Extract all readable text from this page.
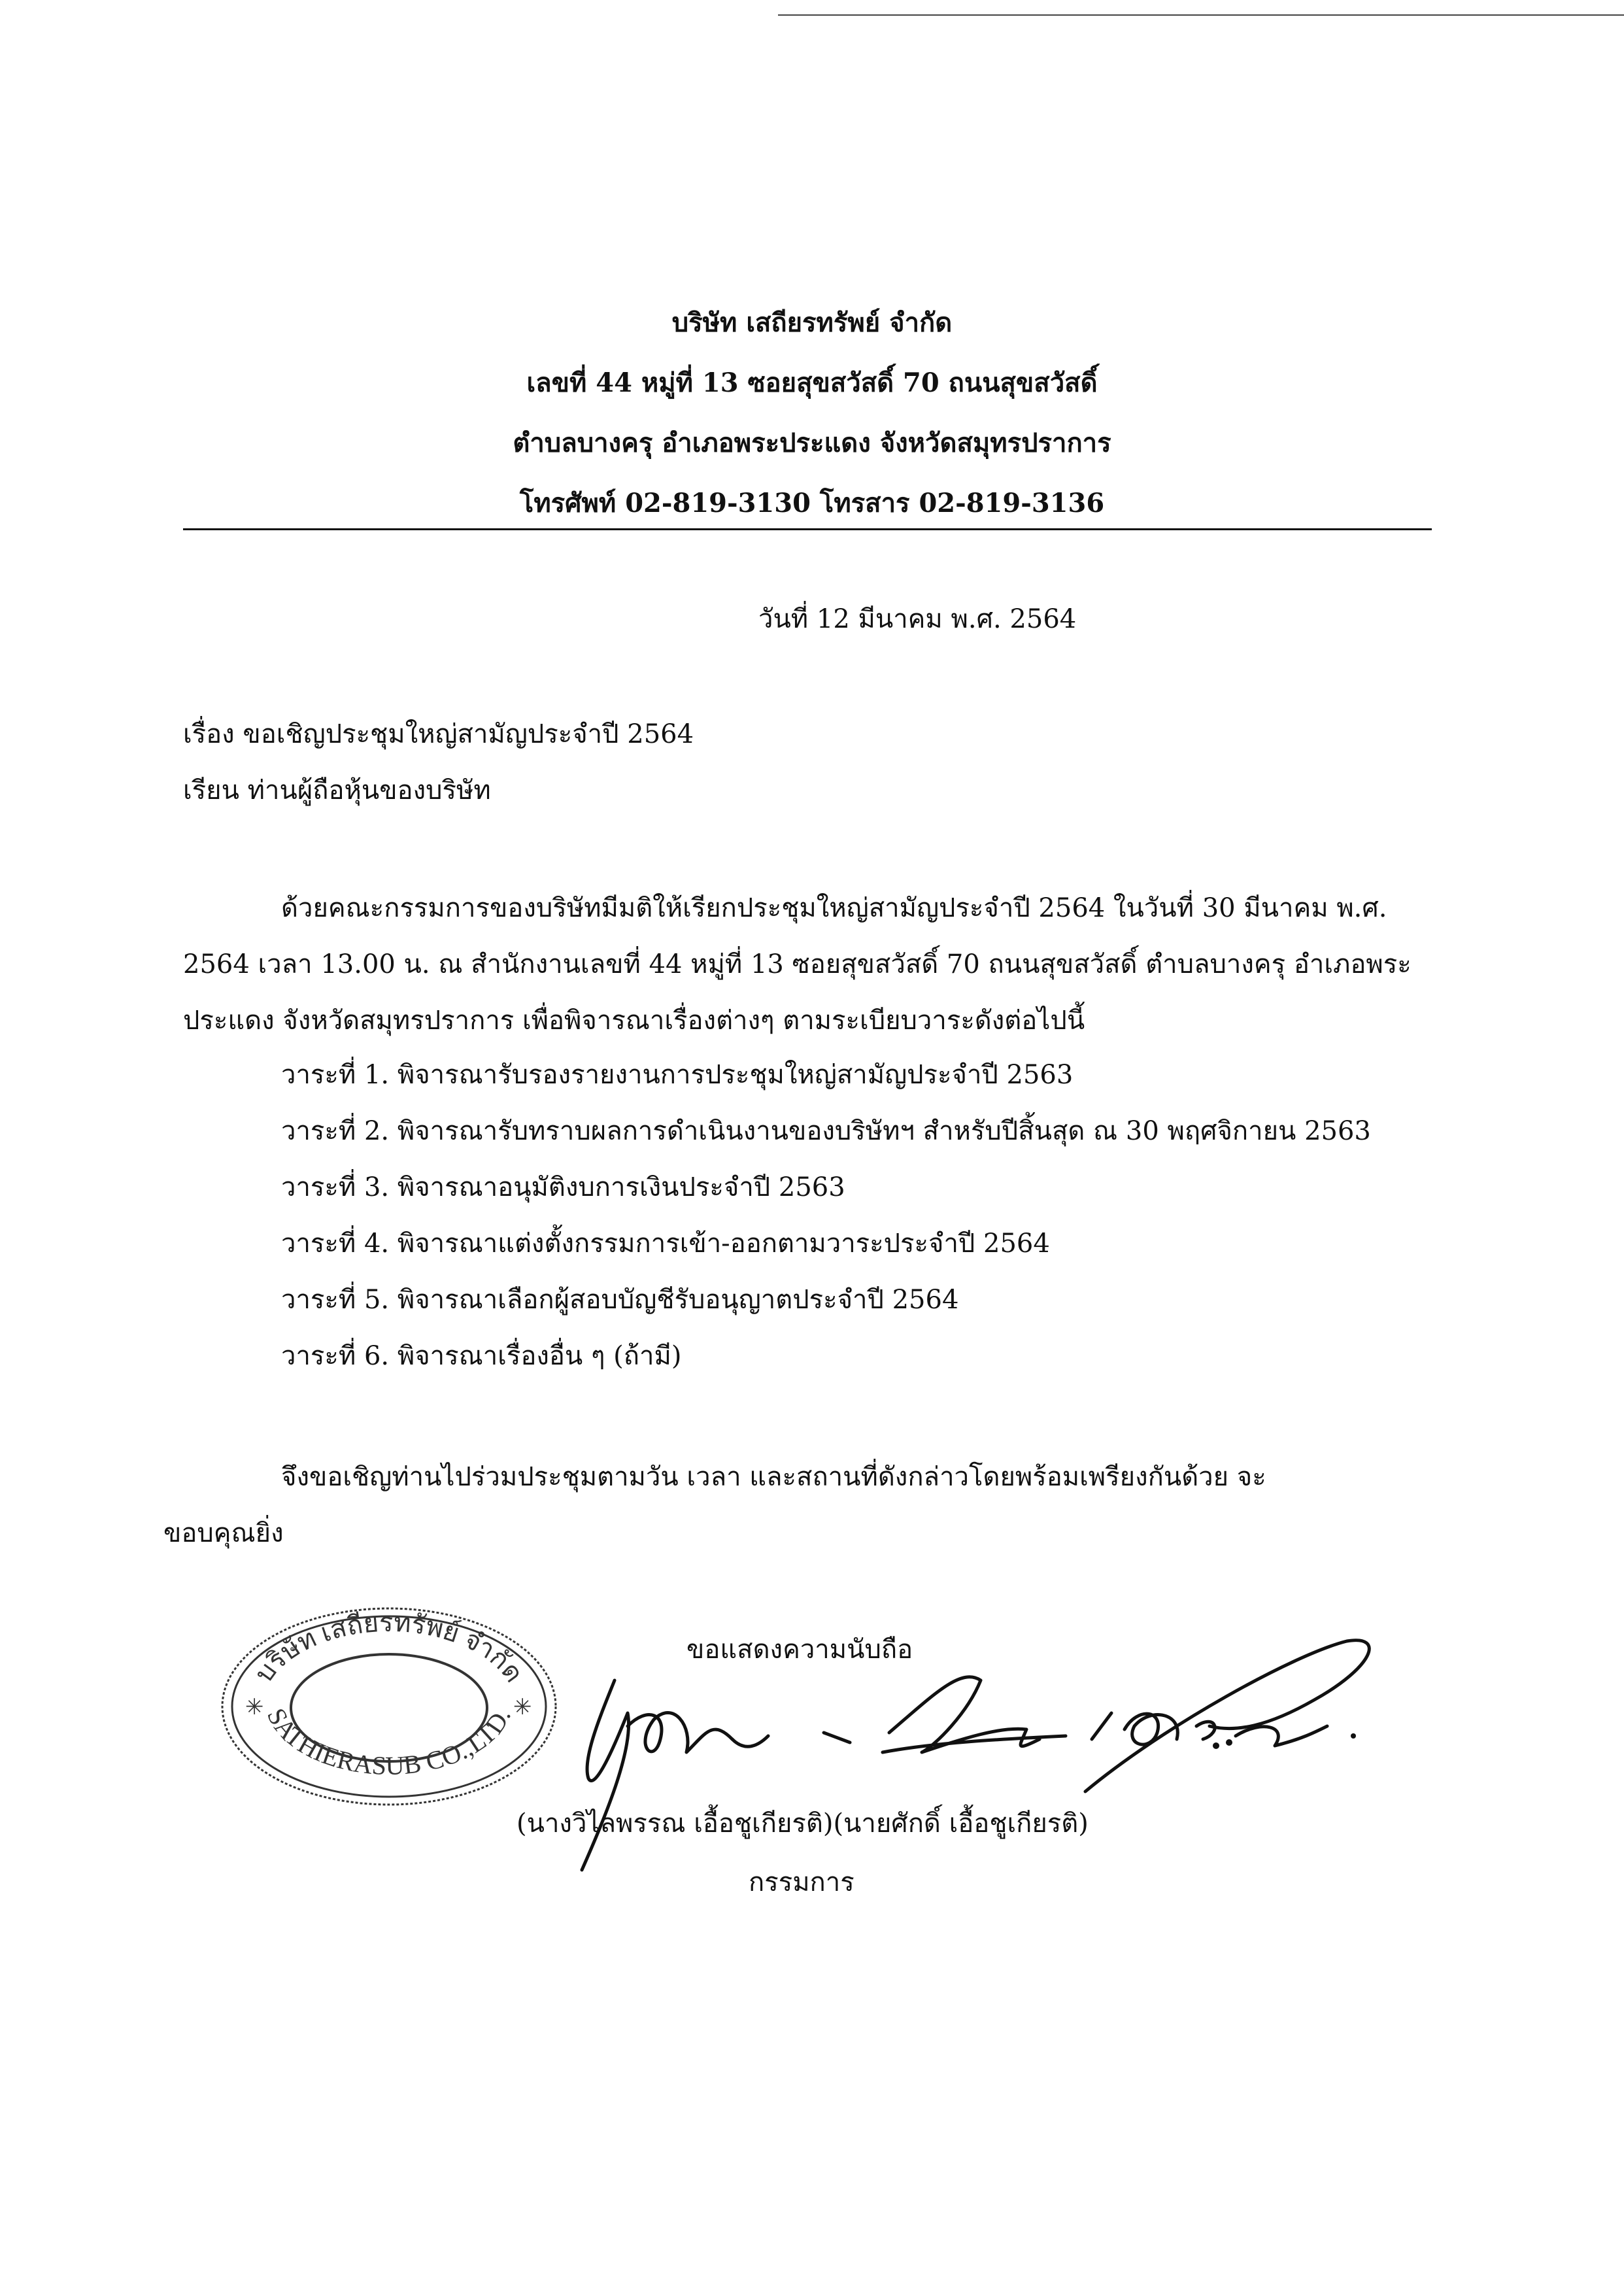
บริษัท เสถียรทรัพย์ จำกัด
เลขที่ 44 หมู่ที่ 13 ซอยสุขสวัสดิ์ 70 ถนนสุขสวัสดิ์
ตำบลบางครุ อำเภอพระประแดง จังหวัดสมุทรปราการ
โทรศัพท์ 02-819-3130 โทรสาร 02-819-3136
วันที่ 12 มีนาคม พ.ศ. 2564
เรื่อง ขอเชิญประชุมใหญ่สามัญประจำปี 2564
เรียน ท่านผู้ถือหุ้นของบริษัท
ด้วยคณะกรรมการของบริษัทมีมติให้เรียกประชุมใหญ่สามัญประจำปี 2564 ในวันที่ 30 มีนาคม พ.ศ.
2564 เวลา 13.00 น. ณ สำนักงานเลขที่ 44 หมู่ที่ 13 ซอยสุขสวัสดิ์ 70 ถนนสุขสวัสดิ์ ตำบลบางครุ อำเภอพระ
ประแดง จังหวัดสมุทรปราการ เพื่อพิจารณาเรื่องต่างๆ ตามระเบียบวาระดังต่อไปนี้
วาระที่ 1. พิจารณารับรองรายงานการประชุมใหญ่สามัญประจำปี 2563
วาระที่ 2. พิจารณารับทราบผลการดำเนินงานของบริษัทฯ สำหรับปีสิ้นสุด ณ 30 พฤศจิกายน 2563
วาระที่ 3. พิจารณาอนุมัติงบการเงินประจำปี 2563
วาระที่ 4. พิจารณาแต่งตั้งกรรมการเข้า-ออกตามวาระประจำปี 2564
วาระที่ 5. พิจารณาเลือกผู้สอบบัญชีรับอนุญาตประจำปี 2564
วาระที่ 6. พิจารณาเรื่องอื่น ๆ (ถ้ามี)
จึงขอเชิญท่านไปร่วมประชุมตามวัน เวลา และสถานที่ดังกล่าวโดยพร้อมเพรียงกันด้วย จะ
ขอบคุณยิ่ง
ขอแสดงความนับถือ
บริษัท เสถียรทรัพย์ จำกัด
SATHIERASUB CO.,LTD.
✳	✳
(นางวิไลพรรณ เอื้อชูเกียรติ)(นายศักดิ์ เอื้อชูเกียรติ)
กรรมการ
